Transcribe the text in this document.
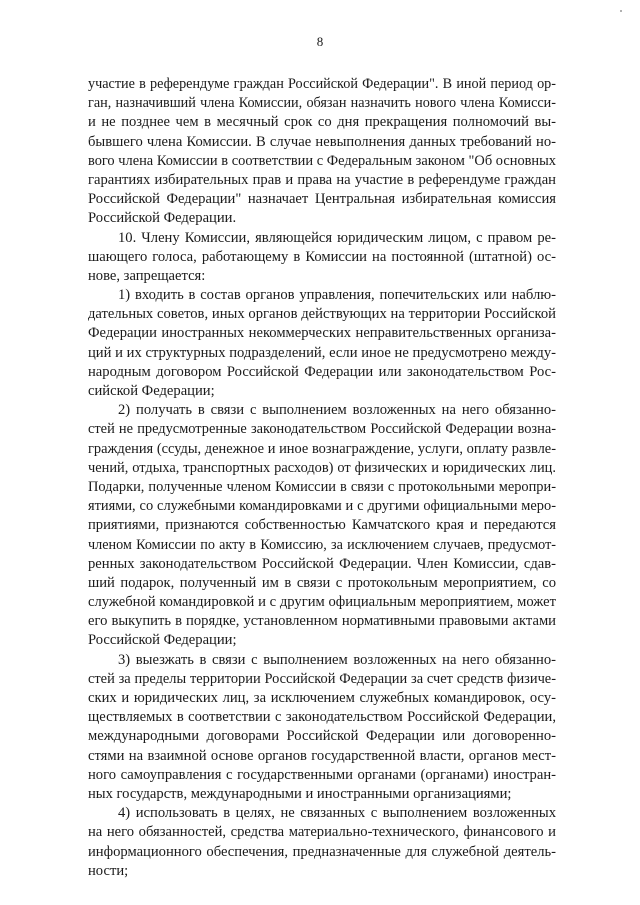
8
участие в референдуме граждан Российской Федерации". В иной период ор-
ган, назначивший члена Комиссии, обязан назначить нового члена Комисси-
и не позднее чем в месячный срок со дня прекращения полномочий вы-
бывшего члена Комиссии. В случае невыполнения данных требований но-
вого члена Комиссии в соответствии с Федеральным законом "Об основных
гарантиях избирательных прав и права на участие в референдуме граждан
Российской Федерации" назначает Центральная избирательная комиссия
Российской Федерации.
10. Члену Комиссии, являющейся юридическим лицом, с правом ре-
шающего голоса, работающему в Комиссии на постоянной (штатной) ос-
нове, запрещается:
1) входить в состав органов управления, попечительских или наблю-
дательных советов, иных органов действующих на территории Российской
Федерации иностранных некоммерческих неправительственных организа-
ций и их структурных подразделений, если иное не предусмотрено между-
народным договором Российской Федерации или законодательством Рос-
сийской Федерации;
2) получать в связи с выполнением возложенных на него обязанно-
стей не предусмотренные законодательством Российской Федерации возна-
граждения (ссуды, денежное и иное вознаграждение, услуги, оплату развле-
чений, отдыха, транспортных расходов) от физических и юридических лиц.
Подарки, полученные членом Комиссии в связи с протокольными меропри-
ятиями, со служебными командировками и с другими официальными меро-
приятиями, признаются собственностью Камчатского края и передаются
членом Комиссии по акту в Комиссию, за исключением случаев, предусмот-
ренных законодательством Российской Федерации. Член Комиссии, сдав-
ший подарок, полученный им в связи с протокольным мероприятием, со
служебной командировкой и с другим официальным мероприятием, может
его выкупить в порядке, установленном нормативными правовыми актами
Российской Федерации;
3) выезжать в связи с выполнением возложенных на него обязанно-
стей за пределы территории Российской Федерации за счет средств физиче-
ских и юридических лиц, за исключением служебных командировок, осу-
ществляемых в соответствии с законодательством Российской Федерации,
международными договорами Российской Федерации или договоренно-
стями на взаимной основе органов государственной власти, органов мест-
ного самоуправления с государственными органами (органами) иностран-
ных государств, международными и иностранными организациями;
4) использовать в целях, не связанных с выполнением возложенных
на него обязанностей, средства материально-технического, финансового и
информационного обеспечения, предназначенные для служебной деятель-
ности;
